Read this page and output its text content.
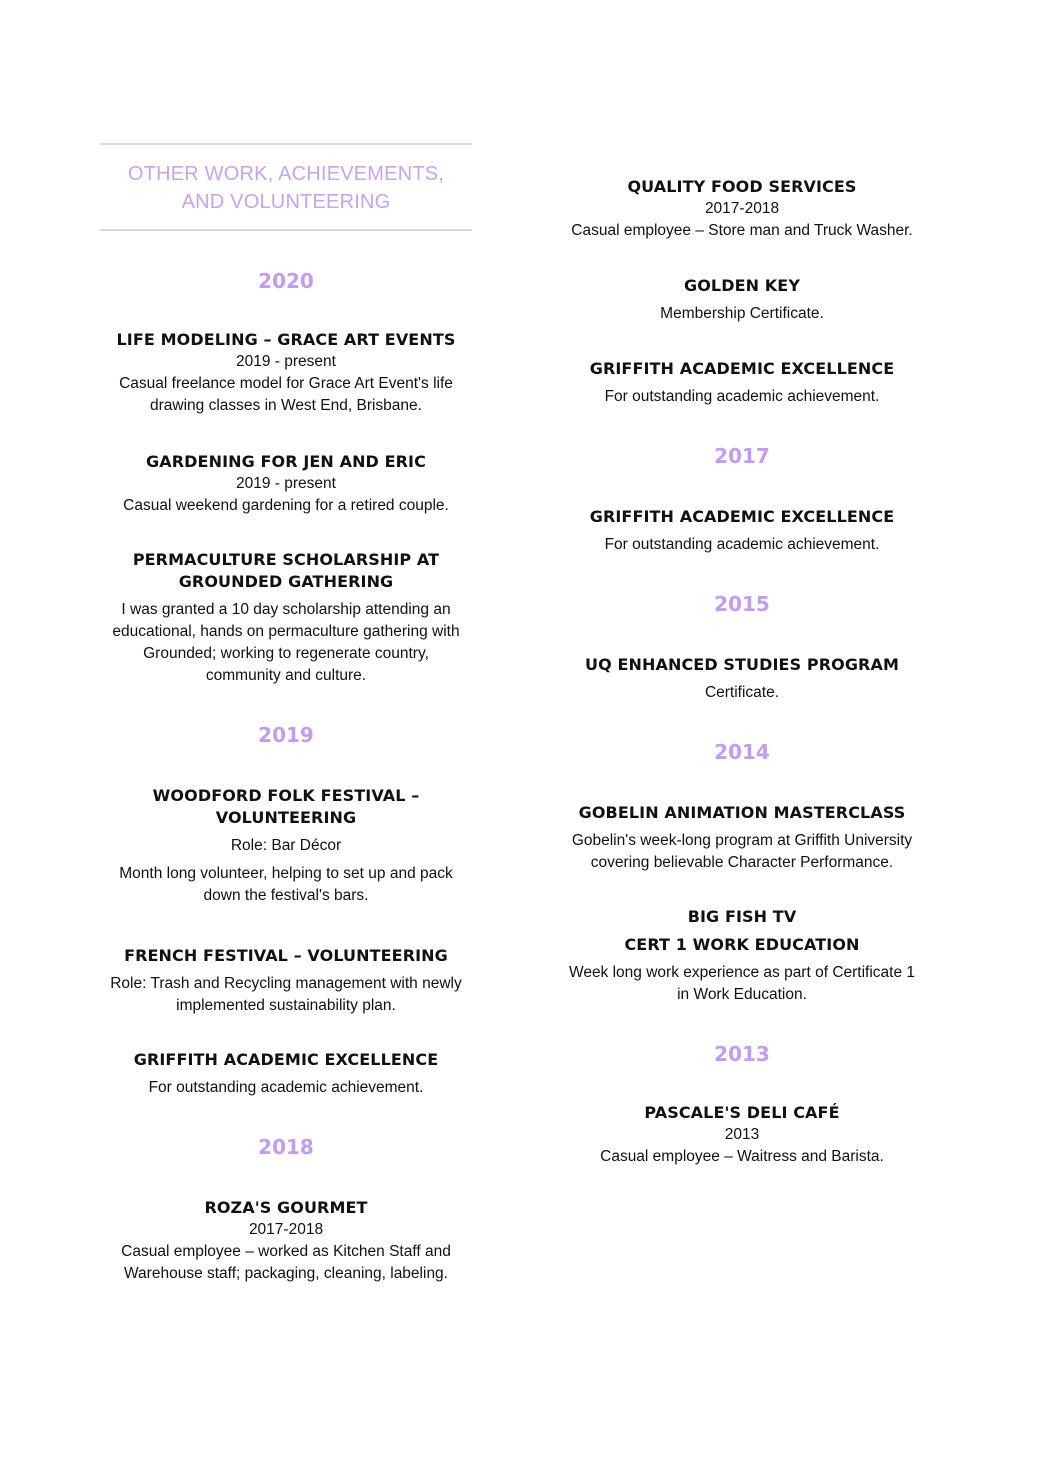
OTHER WORK, ACHIEVEMENTS,
AND VOLUNTEERING
2020
LIFE MODELING – GRACE ART EVENTS
2019 - present
Casual freelance model for Grace Art Event's life
drawing classes in West End, Brisbane.
GARDENING FOR JEN AND ERIC
2019 - present
Casual weekend gardening for a retired couple.
PERMACULTURE SCHOLARSHIP AT
GROUNDED GATHERING
I was granted a 10 day scholarship attending an
educational, hands on permaculture gathering with
Grounded; working to regenerate country,
community and culture.
2019
WOODFORD FOLK FESTIVAL –
VOLUNTEERING
Role: Bar Décor
Month long volunteer, helping to set up and pack
down the festival's bars.
FRENCH FESTIVAL – VOLUNTEERING
Role: Trash and Recycling management with newly
implemented sustainability plan.
GRIFFITH ACADEMIC EXCELLENCE
For outstanding academic achievement.
2018
ROZA'S GOURMET
2017-2018
Casual employee – worked as Kitchen Staff and
Warehouse staff; packaging, cleaning, labeling.
QUALITY FOOD SERVICES
2017-2018
Casual employee – Store man and Truck Washer.
GOLDEN KEY
Membership Certificate.
GRIFFITH ACADEMIC EXCELLENCE
For outstanding academic achievement.
2017
GRIFFITH ACADEMIC EXCELLENCE
For outstanding academic achievement.
2015
UQ ENHANCED STUDIES PROGRAM
Certificate.
2014
GOBELIN ANIMATION MASTERCLASS
Gobelin's week-long program at Griffith University
covering believable Character Performance.
BIG FISH TV
CERT 1 WORK EDUCATION
Week long work experience as part of Certificate 1
in Work Education.
2013
PASCALE'S DELI CAFÉ
2013
Casual employee – Waitress and Barista.
